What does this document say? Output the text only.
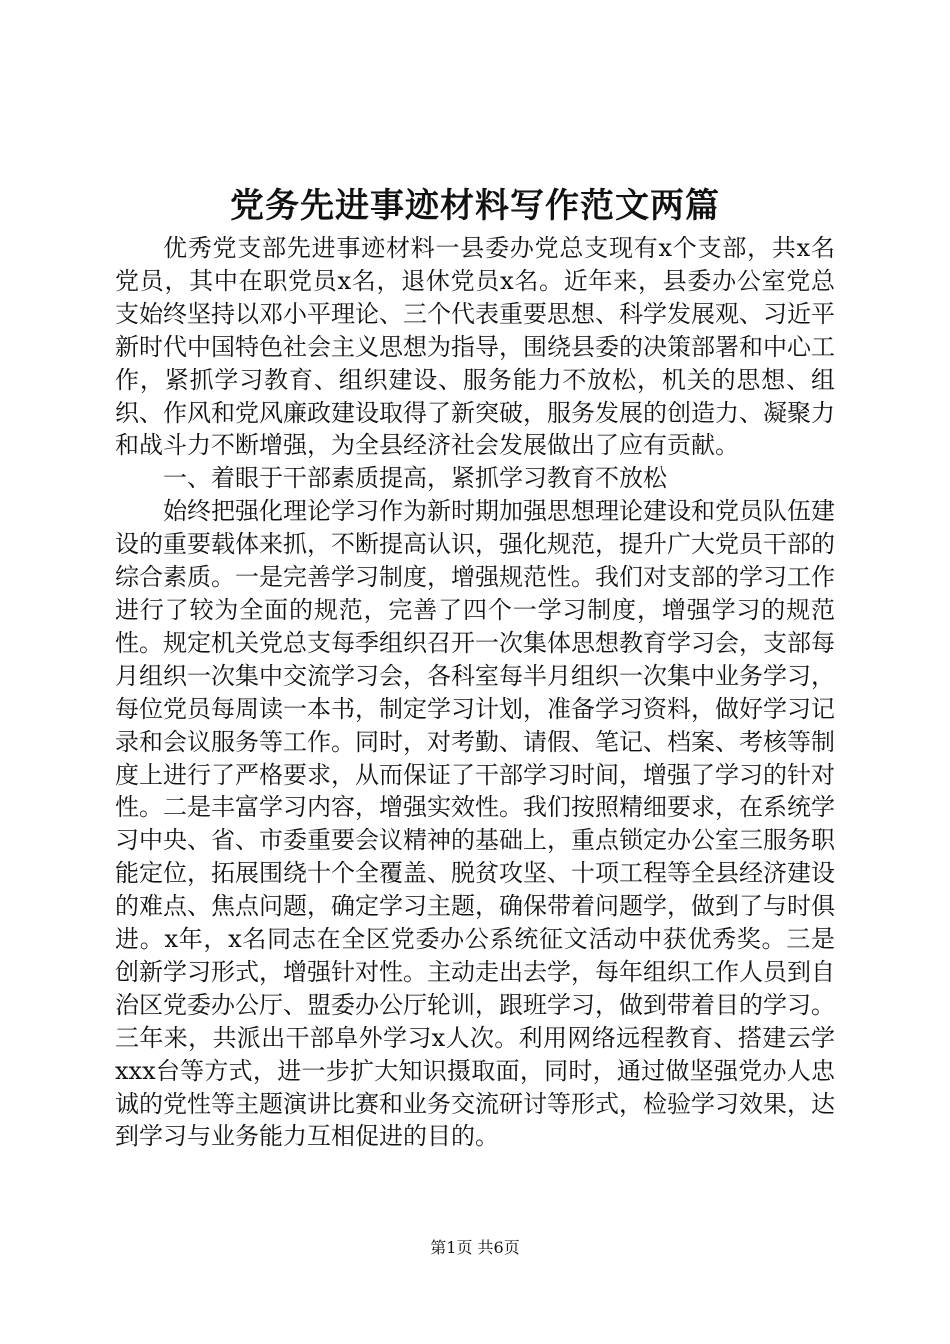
党务先进事迹材料写作范文两篇

优秀党支部先进事迹材料一县委办党总支现有x个支部，共x名党员，其中在职党员x名，退休党员x名。近年来，县委办公室党总支始终坚持以邓小平理论、三个代表重要思想、科学发展观、习近平新时代中国特色社会主义思想为指导，围绕县委的决策部署和中心工作，紧抓学习教育、组织建设、服务能力不放松，机关的思想、组织、作风和党风廉政建设取得了新突破，服务发展的创造力、凝聚力和战斗力不断增强，为全县经济社会发展做出了应有贡献。

一、着眼于干部素质提高，紧抓学习教育不放松

始终把强化理论学习作为新时期加强思想理论建设和党员队伍建设的重要载体来抓，不断提高认识，强化规范，提升广大党员干部的综合素质。一是完善学习制度，增强规范性。我们对支部的学习工作进行了较为全面的规范，完善了四个一学习制度，增强学习的规范性。规定机关党总支每季组织召开一次集体思想教育学习会，支部每月组织一次集中交流学习会，各科室每半月组织一次集中业务学习，每位党员每周读一本书，制定学习计划，准备学习资料，做好学习记录和会议服务等工作。同时，对考勤、请假、笔记、档案、考核等制度上进行了严格要求，从而保证了干部学习时间，增强了学习的针对性。二是丰富学习内容，增强实效性。我们按照精细要求，在系统学习中央、省、市委重要会议精神的基础上，重点锁定办公室三服务职能定位，拓展围绕十个全覆盖、脱贫攻坚、十项工程等全县经济建设的难点、焦点问题，确定学习主题，确保带着问题学，做到了与时俱进。x年，x名同志在全区党委办公系统征文活动中获优秀奖。三是创新学习形式，增强针对性。主动走出去学，每年组织工作人员到自治区党委办公厅、盟委办公厅轮训，跟班学习，做到带着目的学习。三年来，共派出干部阜外学习x人次。利用网络远程教育、搭建云学xxx台等方式，进一步扩大知识摄取面，同时，通过做坚强党办人忠诚的党性等主题演讲比赛和业务交流研讨等形式，检验学习效果，达到学习与业务能力互相促进的目的。

第1页 共6页
